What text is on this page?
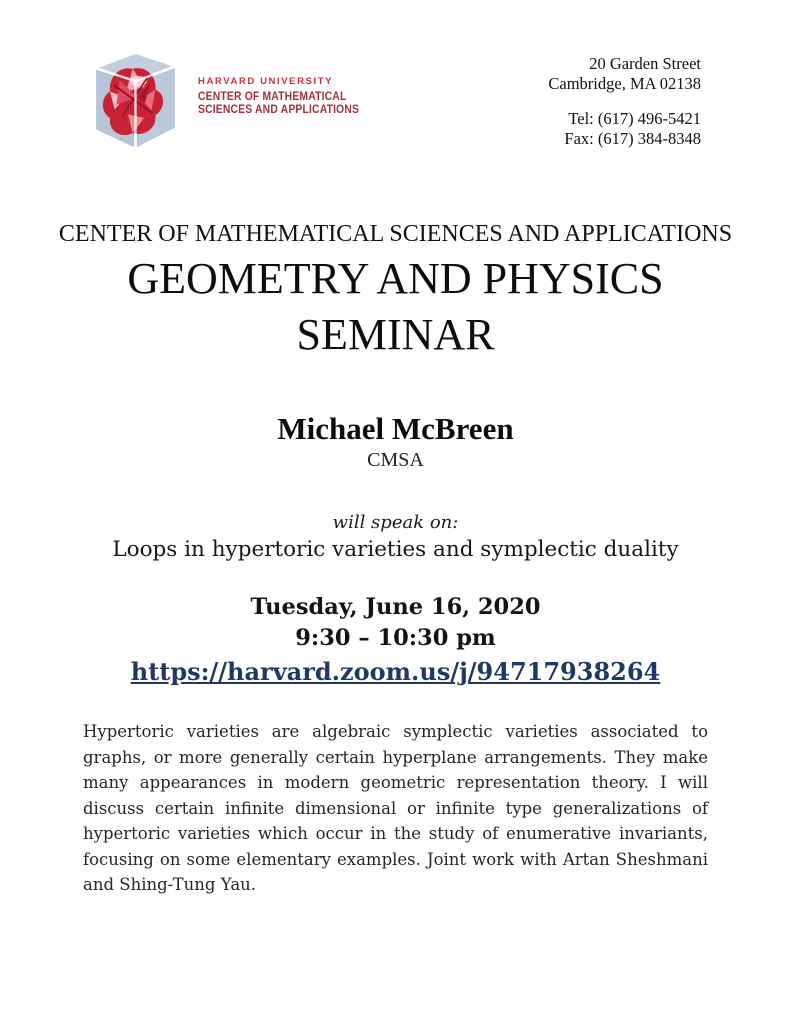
HARVARD UNIVERSITY
CENTER OF MATHEMATICAL
SCIENCES AND APPLICATIONS
20 Garden Street
Cambridge, MA 02138
Tel: (617) 496-5421
Fax: (617) 384-8348
CENTER OF MATHEMATICAL SCIENCES AND APPLICATIONS
GEOMETRY AND PHYSICS
SEMINAR
Michael McBreen
CMSA
will speak on:
Loops in hypertoric varieties and symplectic duality
Tuesday, June 16, 2020
9:30 – 10:30 pm
https://harvard.zoom.us/j/94717938264

Hypertoric varieties are algebraic symplectic varieties associated to graphs, or more generally certain hyperplane arrangements. They make many appearances in modern geometric representation theory. I will discuss certain infinite dimensional or infinite type generalizations of hypertoric varieties which occur in the study of enumerative invariants, focusing on some elementary examples. Joint work with Artan Sheshmani and Shing-Tung Yau.
